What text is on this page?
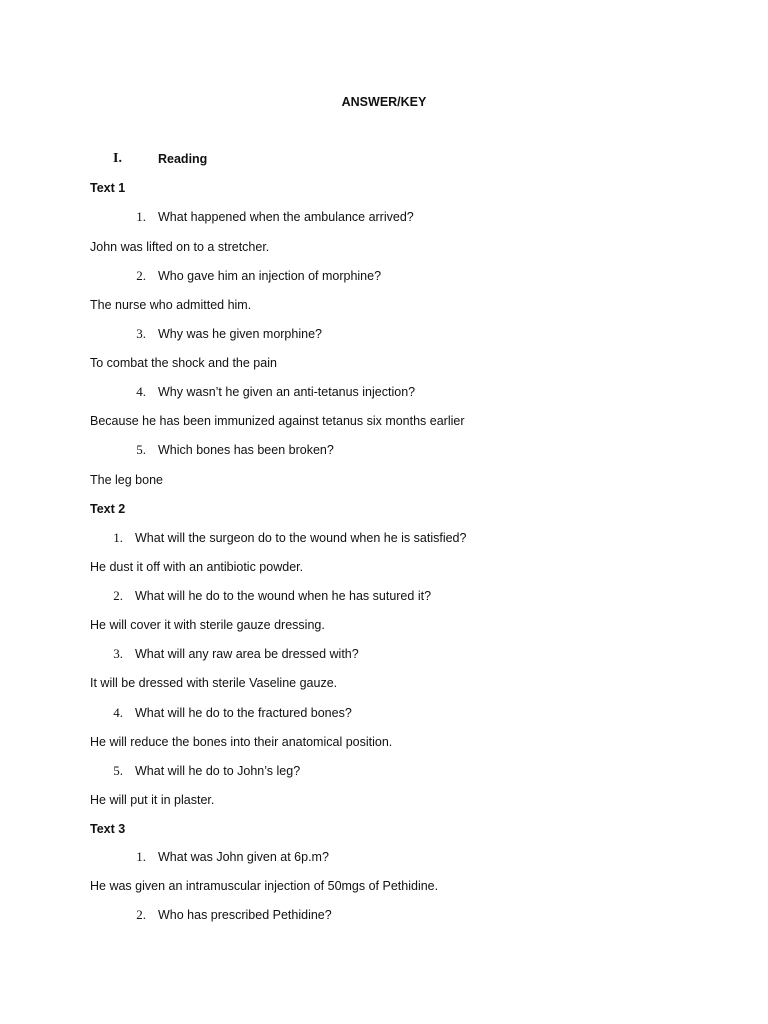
ANSWER/KEY
I.	Reading
Text 1
1. What happened when the ambulance arrived?
John was lifted on to a stretcher.
2. Who gave him an injection of morphine?
The nurse who admitted him.
3. Why was he given morphine?
To combat the shock and the pain
4. Why wasn’t he given an anti-tetanus injection?
Because he has been immunized against tetanus six months earlier
5. Which bones has been broken?
The leg bone
Text 2
1. What will the surgeon do to the wound when he is satisfied?
He dust it off with an antibiotic powder.
2. What will he do to the wound when he has sutured it?
He will cover it with sterile gauze dressing.
3. What will any raw area be dressed with?
It will be dressed with sterile Vaseline gauze.
4. What will he do to the fractured bones?
He will reduce the bones into their anatomical position.
5. What will he do to John’s leg?
He will put it in plaster.
Text 3
1. What was John given at 6p.m?
He was given an intramuscular injection of 50mgs of Pethidine.
2. Who has prescribed Pethidine?
